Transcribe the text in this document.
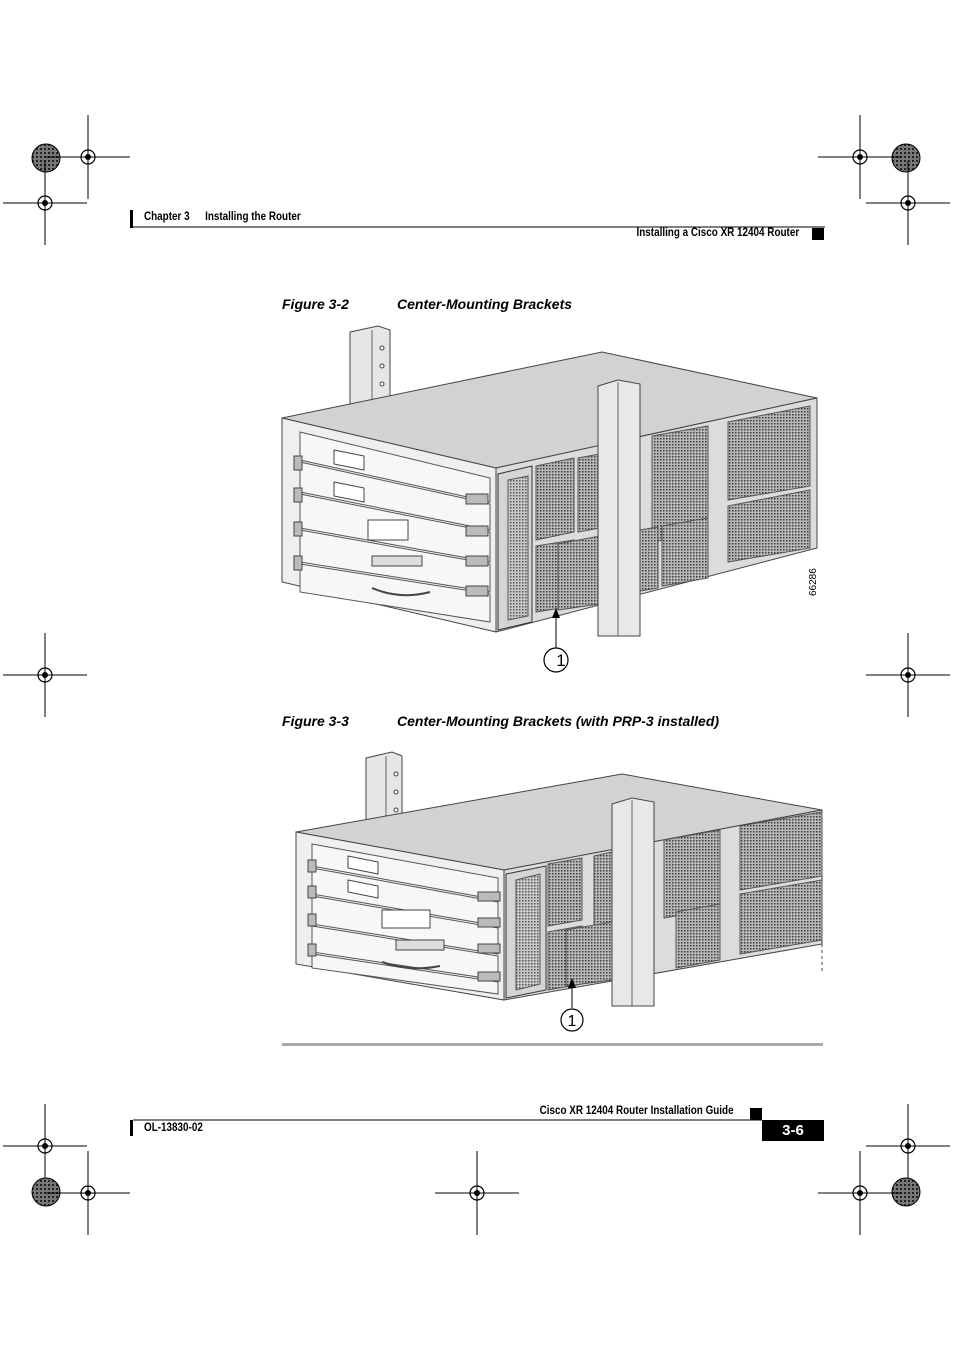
1
66286
1
Chapter 3 Installing the Router
Installing a Cisco XR 12404 Router
Figure 3-2	Center-Mounting Brackets
Figure 3-3	Center-Mounting Brackets (with PRP-3 installed)
Cisco XR 12404 Router Installation Guide
OL-13830-02	3-6
